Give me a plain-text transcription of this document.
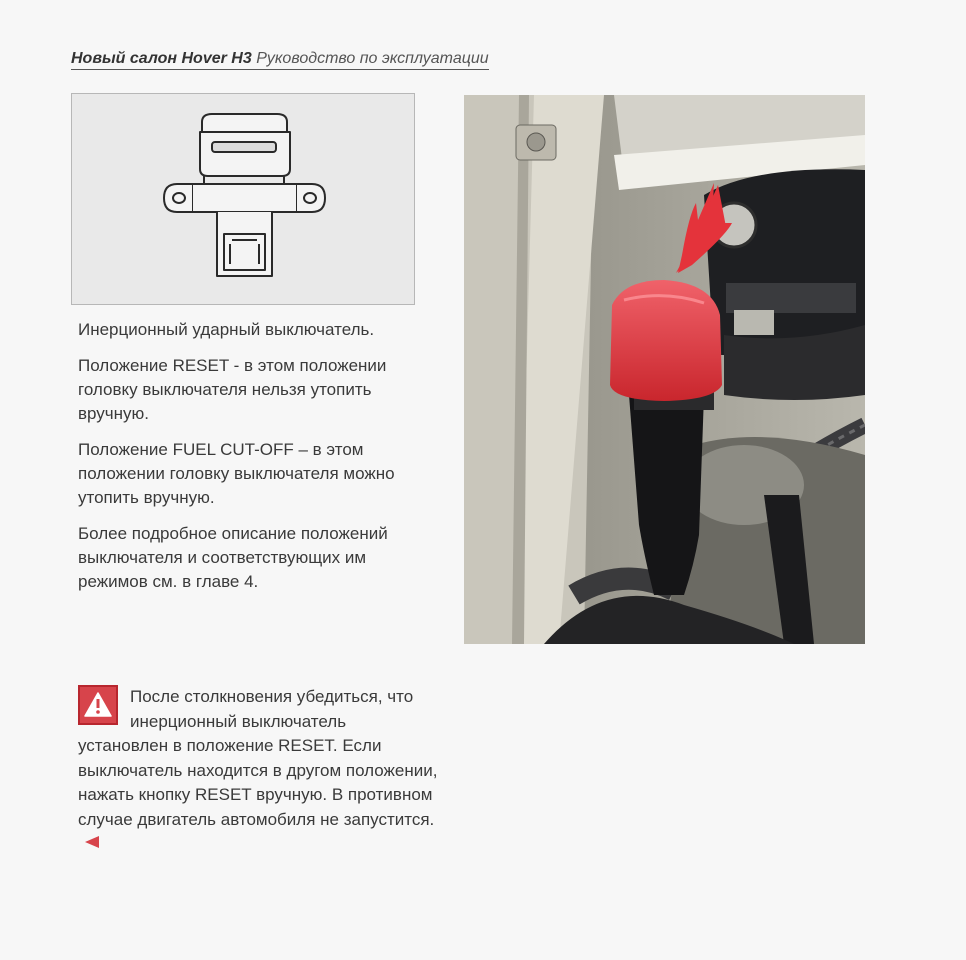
Новый салон Hover H3 Руководство по эксплуатации

Инерционный ударный выключатель.

Положение RESET - в этом положении головку выключателя нельзя утопить вручную.

Положение FUEL CUT-OFF – в этом положении головку выключателя можно утопить вручную.

Более подробное описание положений выключателя и соответствующих им режимов см. в главе 4.

После столкновения убедиться, что инерционный выключатель установлен в положение RESET. Если выключатель находится в другом положении, нажать кнопку RESET вручную. В противном случае двигатель автомобиля не запустится.
